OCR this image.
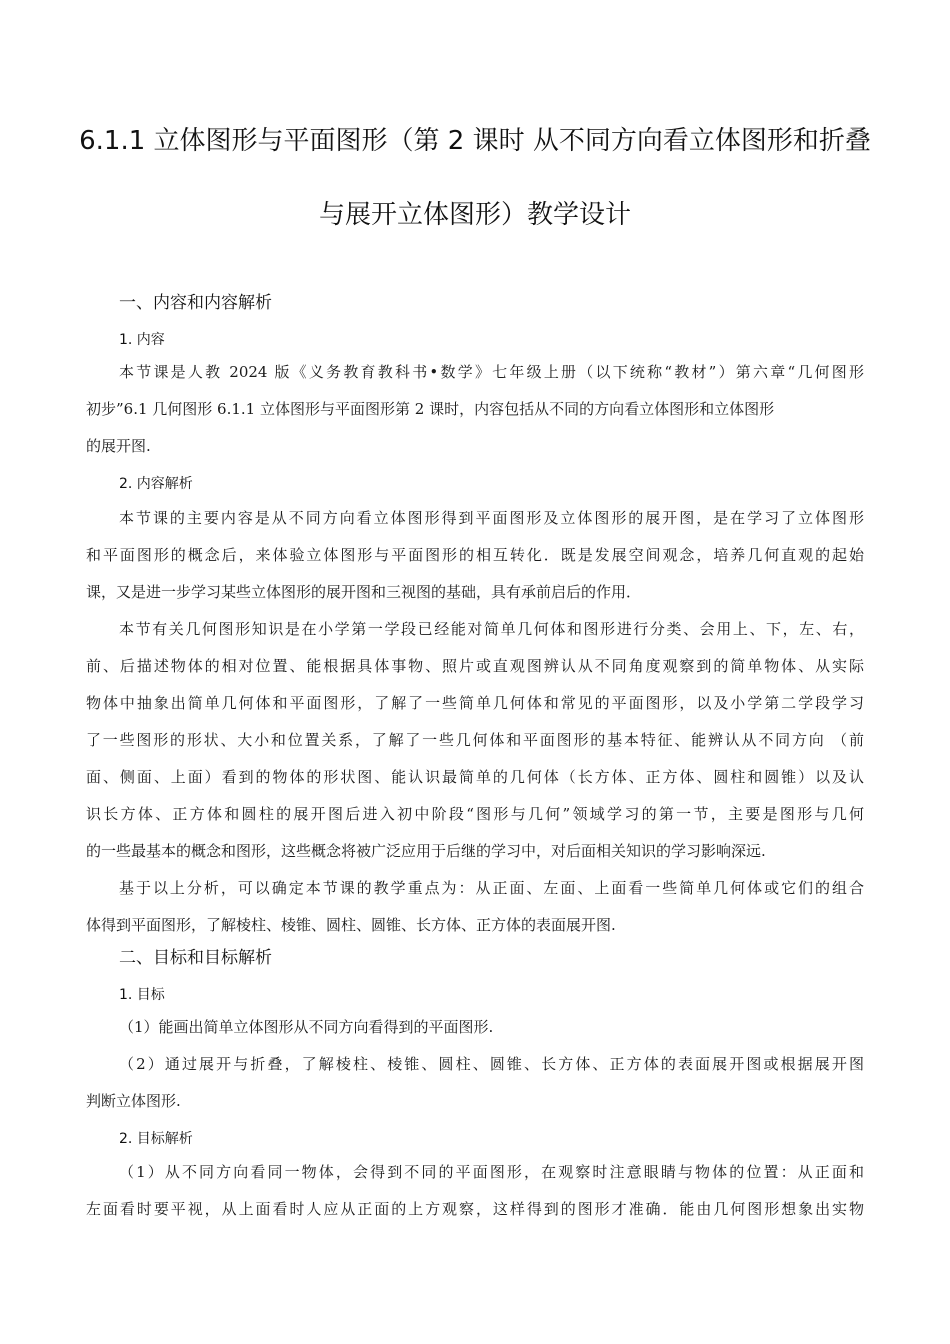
6.1.1 立体图形与平面图形（第 2 课时 从不同方向看立体图形和折叠
与展开立体图形）教学设计
一、内容和内容解析
1. 内容
本节课是人教 2024 版《义务教育教科书•数学》七年级上册（以下统称“教材”）第六章“几何图形
初步”6.1 几何图形 6.1.1 立体图形与平面图形第 2 课时，内容包括从不同的方向看立体图形和立体图形
的展开图.
2. 内容解析
本节课的主要内容是从不同方向看立体图形得到平面图形及立体图形的展开图，是在学习了立体图形
和平面图形的概念后，来体验立体图形与平面图形的相互转化．既是发展空间观念，培养几何直观的起始
课，又是进一步学习某些立体图形的展开图和三视图的基础，具有承前启后的作用．
本节有关几何图形知识是在小学第一学段已经能对简单几何体和图形进行分类、会用上、下，左、右，
前、后描述物体的相对位置、能根据具体事物、照片或直观图辨认从不同角度观察到的简单物体、从实际
物体中抽象出简单几何体和平面图形，了解了一些简单几何体和常见的平面图形，以及小学第二学段学习
了一些图形的形状、大小和位置关系，了解了一些几何体和平面图形的基本特征、能辨认从不同方向 （前
面、侧面、上面）看到的物体的形状图、能认识最简单的几何体（长方体、正方体、圆柱和圆锥）以及认
识长方体、正方体和圆柱的展开图后进入初中阶段“图形与几何”领域学习的第一节，主要是图形与几何
的一些最基本的概念和图形，这些概念将被广泛应用于后继的学习中，对后面相关知识的学习影响深远.
基于以上分析，可以确定本节课的教学重点为：从正面、左面、上面看一些简单几何体或它们的组合
体得到平面图形，了解棱柱、棱锥、圆柱、圆锥、长方体、正方体的表面展开图.
二、目标和目标解析
1. 目标
（1）能画出简单立体图形从不同方向看得到的平面图形.
（2）通过展开与折叠，了解棱柱、棱锥、圆柱、圆锥、长方体、正方体的表面展开图或根据展开图
判断立体图形.
2. 目标解析
（1）从不同方向看同一物体，会得到不同的平面图形，在观察时注意眼睛与物体的位置：从正面和
左面看时要平视，从上面看时人应从正面的上方观察，这样得到的图形才准确．能由几何图形想象出实物
